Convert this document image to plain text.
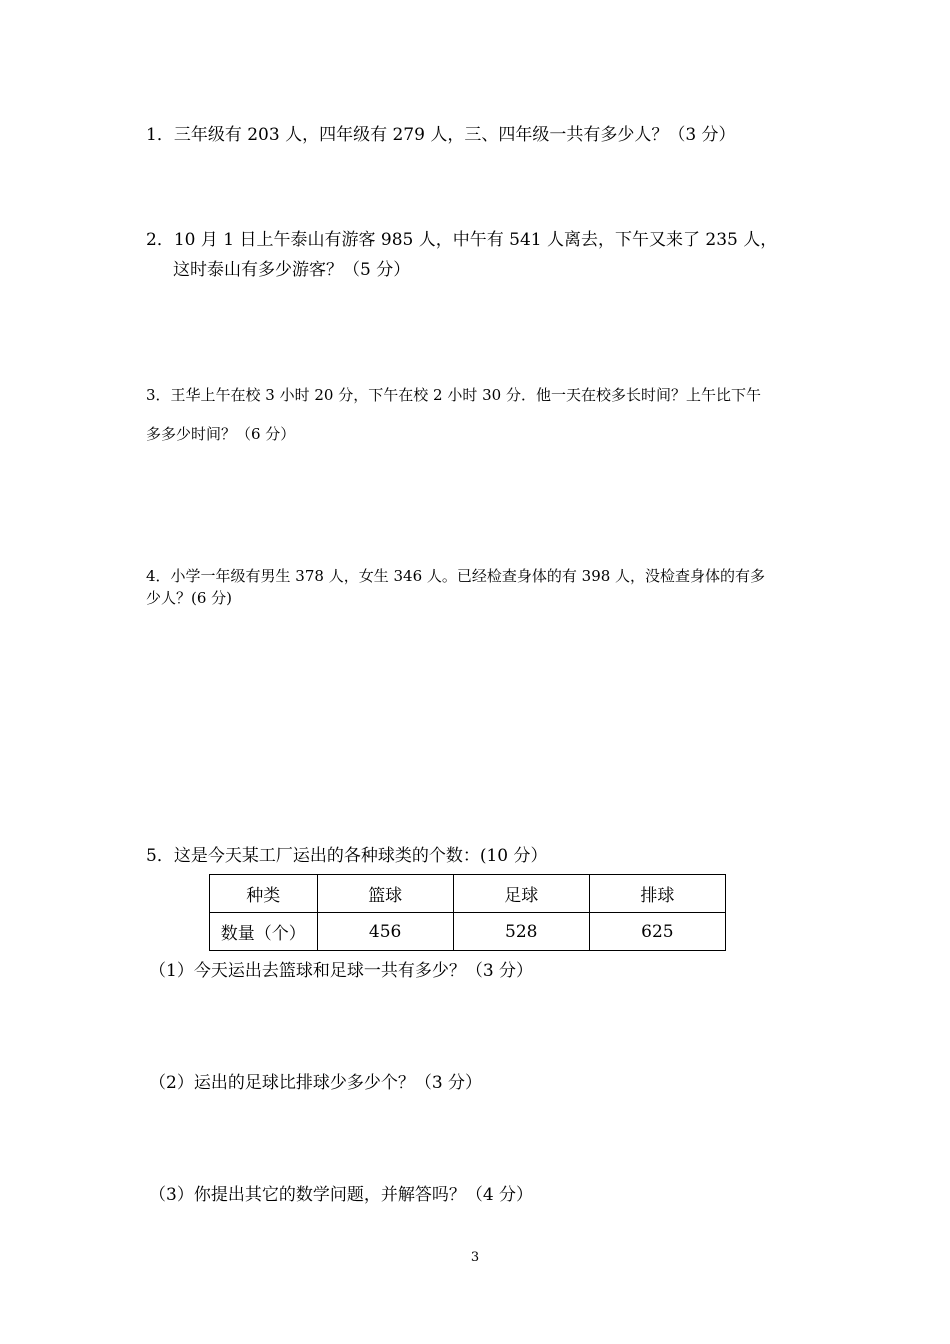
1．三年级有 203 人，四年级有 279 人，三、四年级一共有多少人？（3 分）

2．10 月 1 日上午泰山有游客 985 人，中午有 541 人离去，下午又来了 235 人，
这时泰山有多少游客？（5 分）

3．王华上午在校 3 小时 20 分，下午在校 2 小时 30 分．他一天在校多长时间？上午比下午

多多少时间？（6 分）

4．小学一年级有男生 378 人，女生 346 人。已经检查身体的有 398 人，没检查身体的有多
少人？(6 分)

5．这是今天某工厂运出的各种球类的个数：(10 分）

种类	篮球	足球	排球
数量（个）	456	528	625

（1）今天运出去篮球和足球一共有多少？（3 分）

（2）运出的足球比排球少多少个？（3 分）

（3）你提出其它的数学问题，并解答吗？（4 分）

3
